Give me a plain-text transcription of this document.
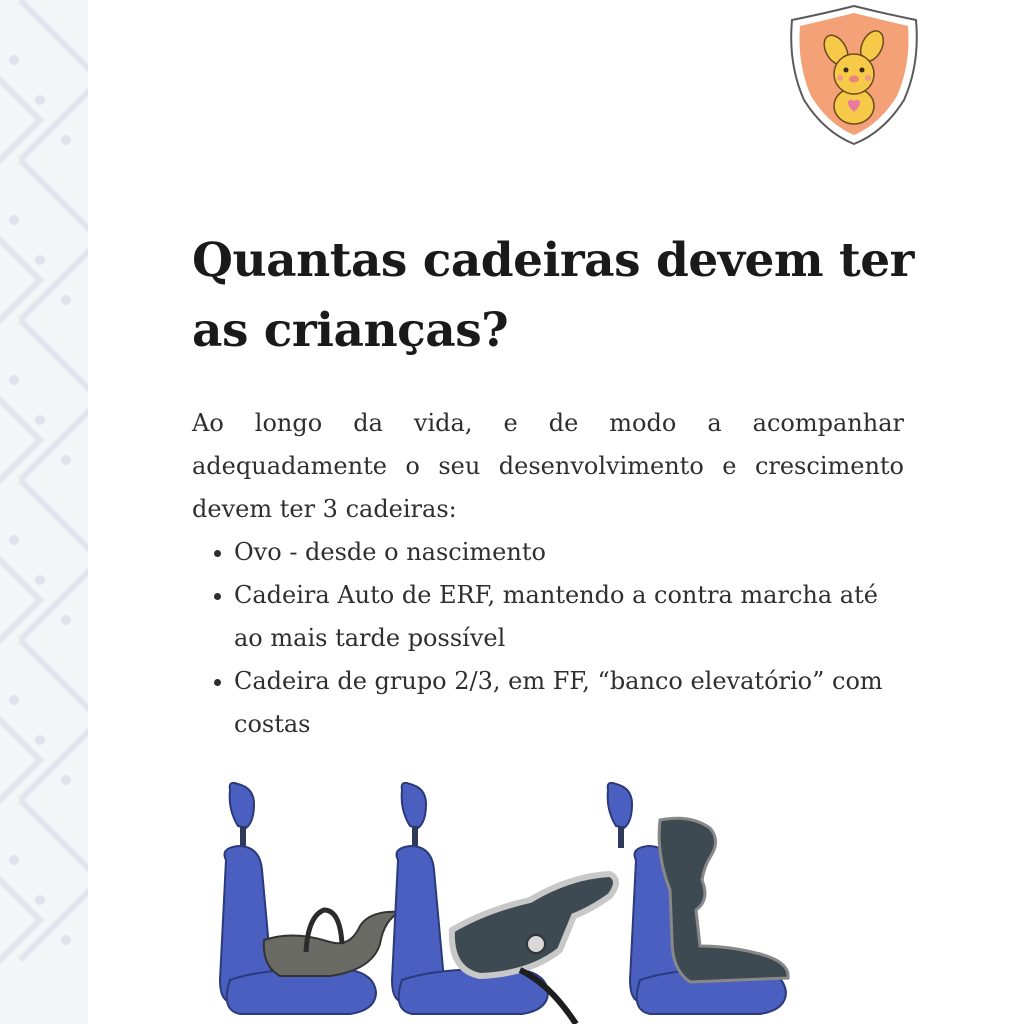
Quantas cadeiras devem ter
as crianças?
Ao longo da vida, e de modo a acompanhar adequadamente o seu desenvolvimento e crescimento devem ter 3 cadeiras:
Ovo - desde o nascimento
Cadeira Auto de ERF, mantendo a contra marcha até ao mais tarde possível
Cadeira de grupo 2/3, em FF, “banco elevatório” com costas
